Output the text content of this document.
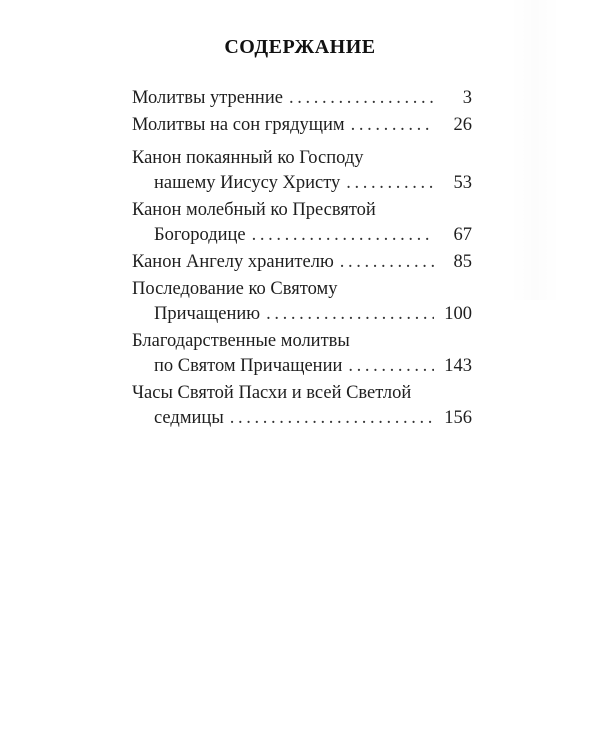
СОДЕРЖАНИЕ
Молитвы утренние . . .	3
Молитвы на сон грядущим . . .	26
Канон покаянный ко Господу
нашему Иисусу Христу . . .	53
Канон молебный ко Пресвятой
Богородице . . .	67
Канон Ангелу хранителю . . .	85
Последование ко Святому
Причащению . . .	100
Благодарственные молитвы
по Святом Причащении . . .	143
Часы Святой Пасхи и всей Светлой
седмицы . . .	156
